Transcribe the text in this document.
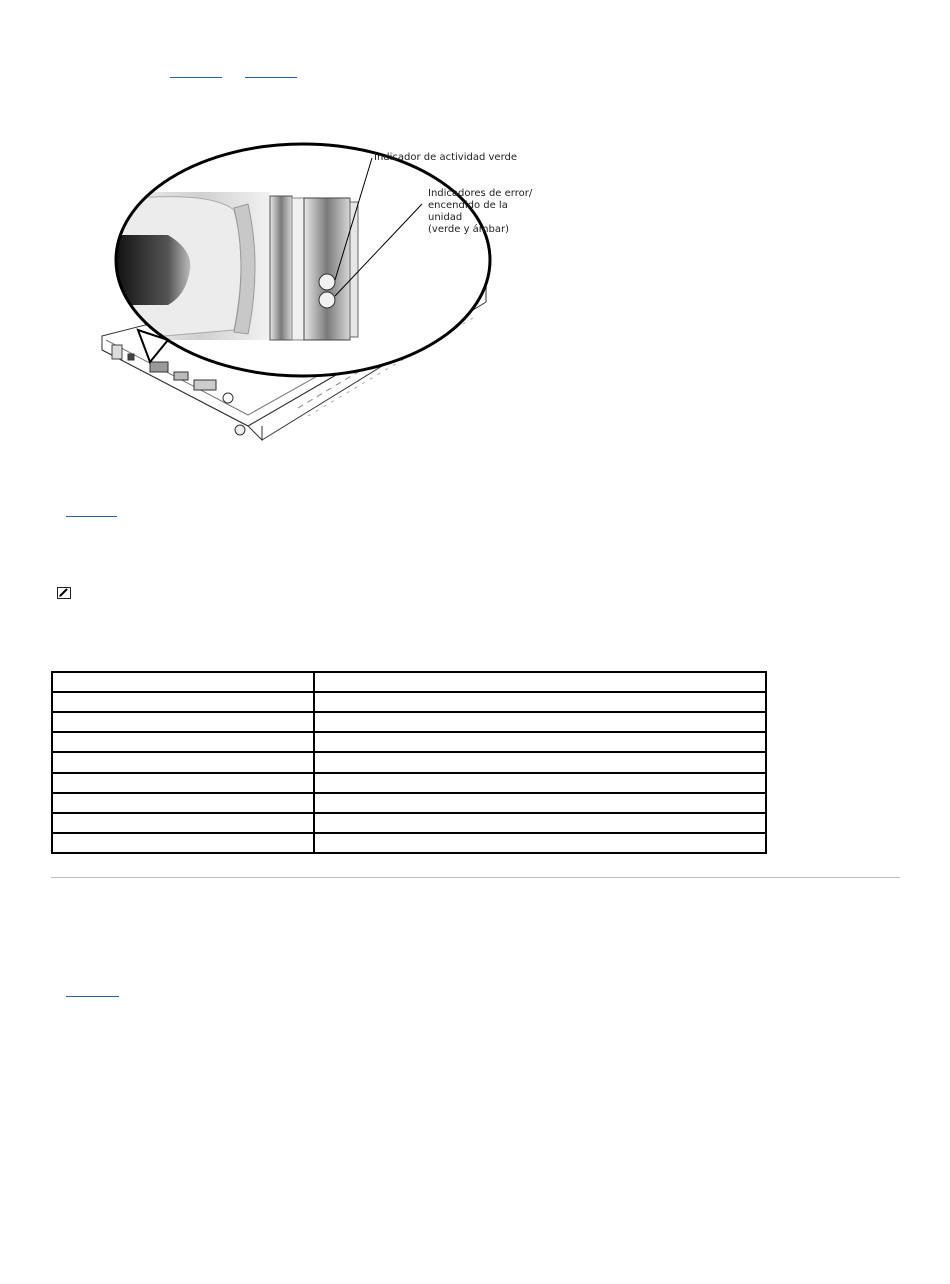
Indicador de actividad verde
Indicadores de error/
encendido de la unidad
(verde y ámbar)
